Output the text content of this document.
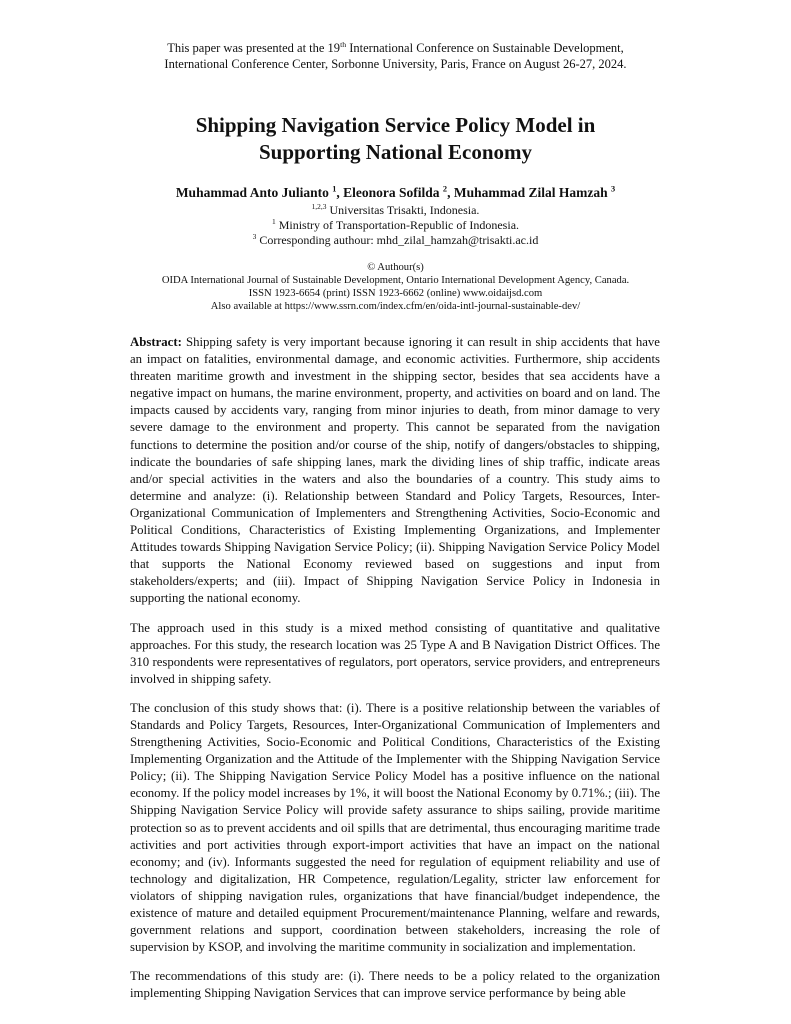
This paper was presented at the 19th International Conference on Sustainable Development,
International Conference Center, Sorbonne University, Paris, France on August 26-27, 2024.
Shipping Navigation Service Policy Model in Supporting National Economy
Muhammad Anto Julianto $^1$, Eleonora Sofilda $^2$, Muhammad Zilal Hamzah $^3$
$^{1,2,3}$ Universitas Trisakti, Indonesia.
$^1$ Ministry of Transportation-Republic of Indonesia.
$^3$ Corresponding authour: mhd_zilal_hamzah@trisakti.ac.id
© Authour(s)
OIDA International Journal of Sustainable Development, Ontario International Development Agency, Canada.
ISSN 1923-6654 (print) ISSN 1923-6662 (online) www.oidaijsd.com
Also available at https://www.ssrn.com/index.cfm/en/oida-intl-journal-sustainable-dev/

Abstract: Shipping safety is very important because ignoring it can result in ship accidents that have an impact on fatalities, environmental damage, and economic activities. Furthermore, ship accidents threaten maritime growth and investment in the shipping sector, besides that sea accidents have a negative impact on humans, the marine environment, property, and activities on board and on land. The impacts caused by accidents vary, ranging from minor injuries to death, from minor damage to very severe damage to the environment and property. This cannot be separated from the navigation functions to determine the position and/or course of the ship, notify of dangers/obstacles to shipping, indicate the boundaries of safe shipping lanes, mark the dividing lines of ship traffic, indicate areas and/or special activities in the waters and also the boundaries of a country. This study aims to determine and analyze: (i). Relationship between Standard and Policy Targets, Resources, Inter-Organizational Communication of Implementers and Strengthening Activities, Socio-Economic and Political Conditions, Characteristics of Existing Implementing Organizations, and Implementer Attitudes towards Shipping Navigation Service Policy; (ii). Shipping Navigation Service Policy Model that supports the National Economy reviewed based on suggestions and input from stakeholders/experts; and (iii). Impact of Shipping Navigation Service Policy in Indonesia in supporting the national economy.

The approach used in this study is a mixed method consisting of quantitative and qualitative approaches. For this study, the research location was 25 Type A and B Navigation District Offices. The 310 respondents were representatives of regulators, port operators, service providers, and entrepreneurs involved in shipping safety.

The conclusion of this study shows that: (i). There is a positive relationship between the variables of Standards and Policy Targets, Resources, Inter-Organizational Communication of Implementers and Strengthening Activities, Socio-Economic and Political Conditions, Characteristics of the Existing Implementing Organization and the Attitude of the Implementer with the Shipping Navigation Service Policy; (ii). The Shipping Navigation Service Policy Model has a positive influence on the national economy. If the policy model increases by 1%, it will boost the National Economy by 0.71%.; (iii). The Shipping Navigation Service Policy will provide safety assurance to ships sailing, provide maritime protection so as to prevent accidents and oil spills that are detrimental, thus encouraging maritime trade activities and port activities through export-import activities that have an impact on the national economy; and (iv). Informants suggested the need for regulation of equipment reliability and use of technology and digitalization, HR Competence, regulation/Legality, stricter law enforcement for violators of shipping navigation rules, organizations that have financial/budget independence, the existence of mature and detailed equipment Procurement/maintenance Planning, welfare and rewards, government relations and support, coordination between stakeholders, increasing the role of supervision by KSOP, and involving the maritime community in socialization and implementation.

The recommendations of this study are: (i). There needs to be a policy related to the organization implementing Shipping Navigation Services that can improve service performance by being able
